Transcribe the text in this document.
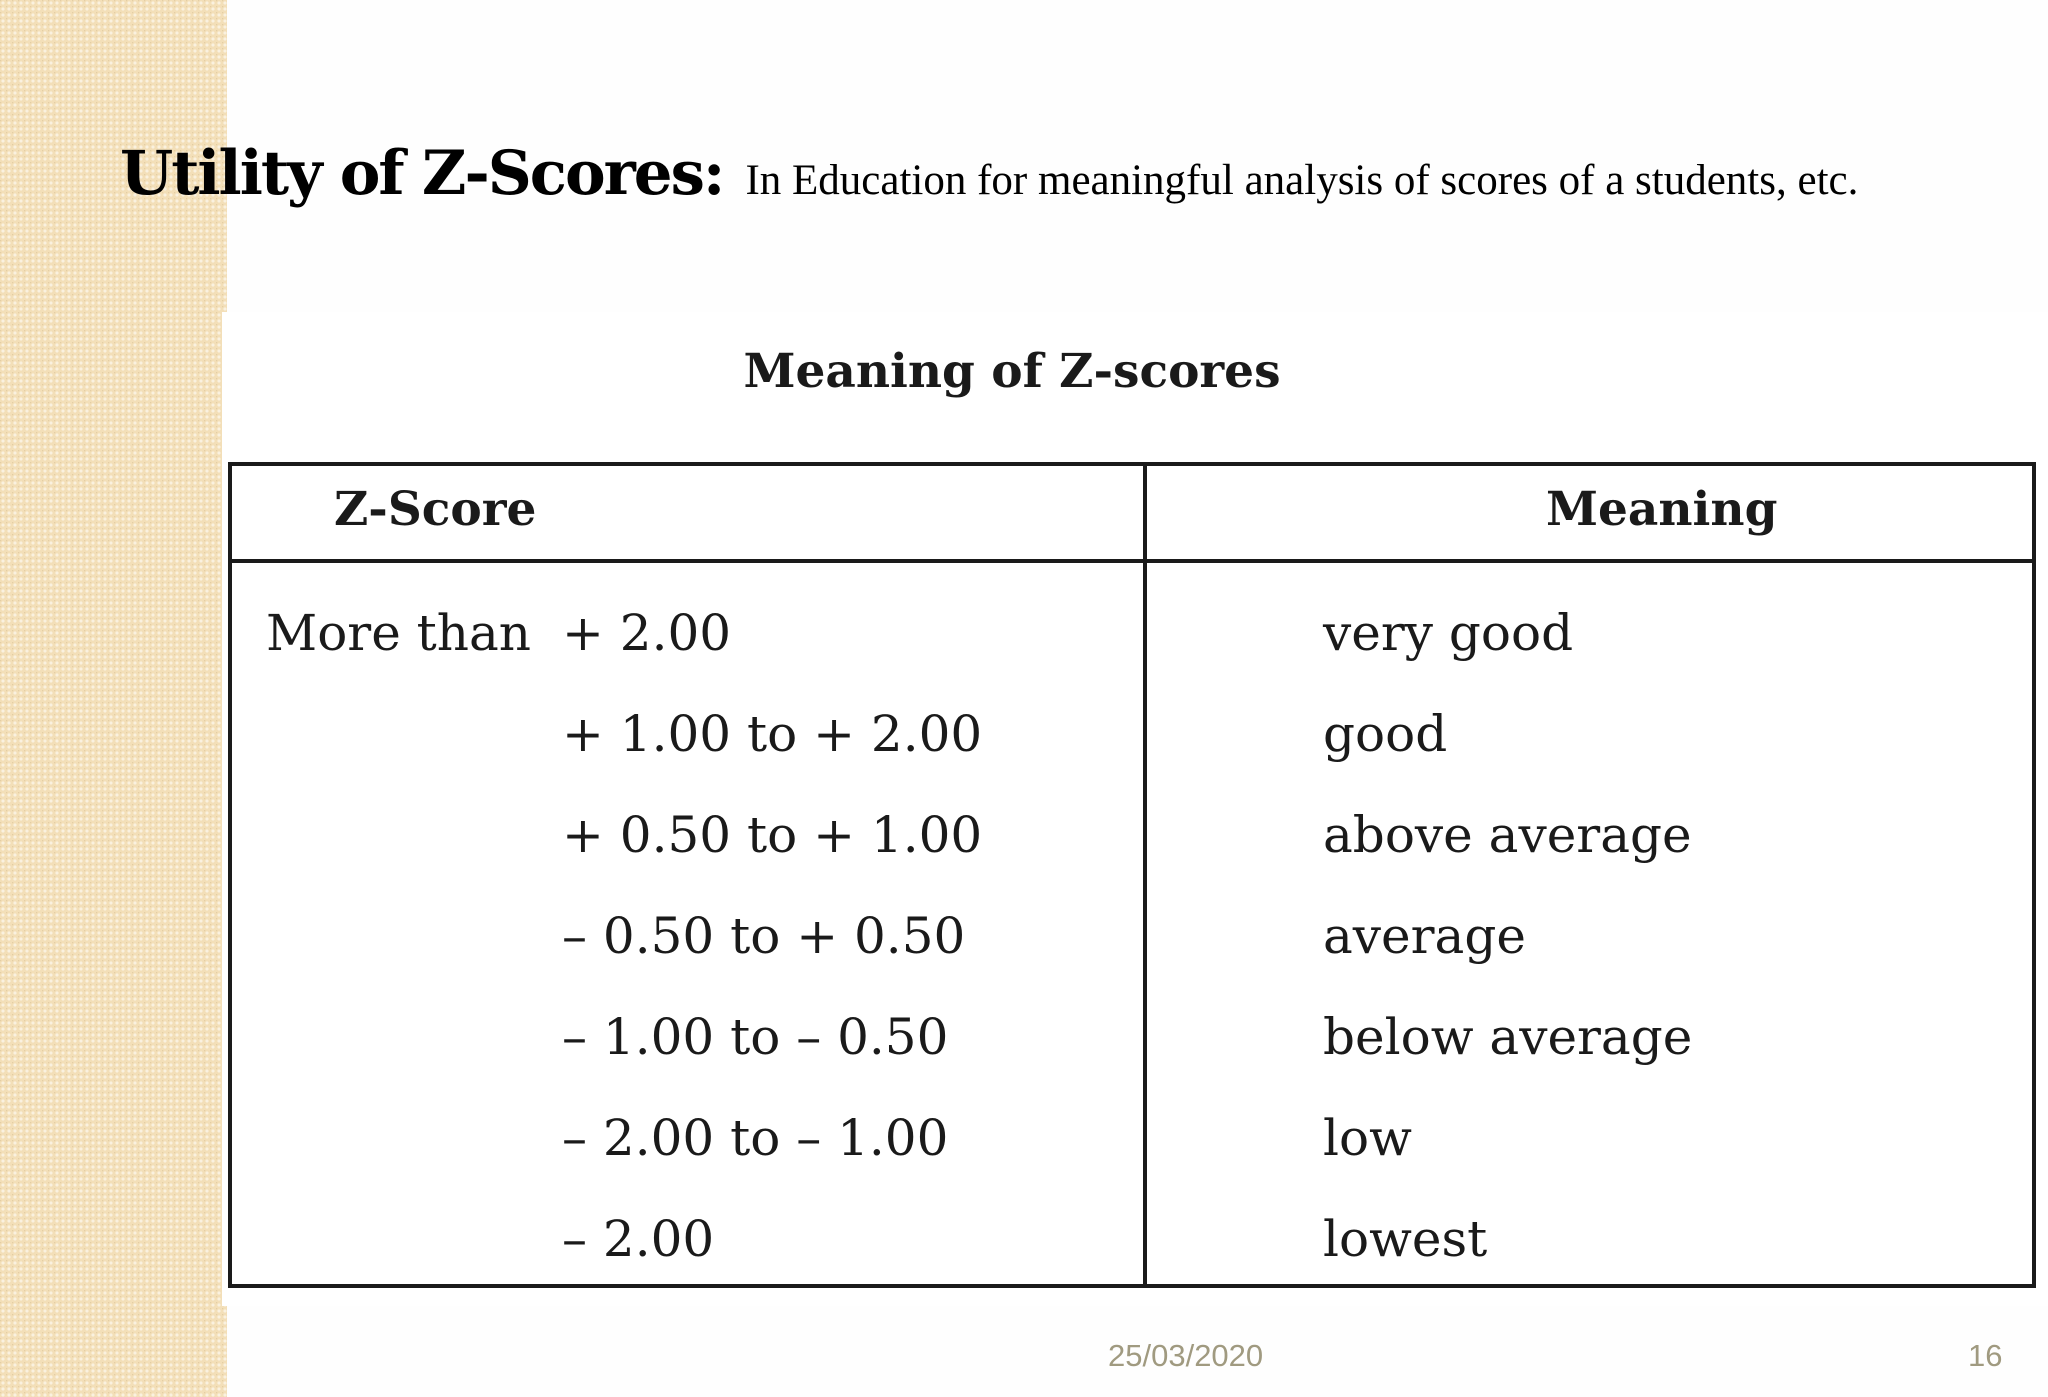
Utility of Z-Scores: In Education for meaningful analysis of scores of a students, etc.
Meaning of Z-scores
Z-Score	Meaning
More than + 2.00	very good
+ 1.00 to + 2.00	good
+ 0.50 to + 1.00	above average
– 0.50 to + 0.50	average
– 1.00 to – 0.50	below average
– 2.00 to – 1.00	low
– 2.00	lowest
25/03/2020	16
